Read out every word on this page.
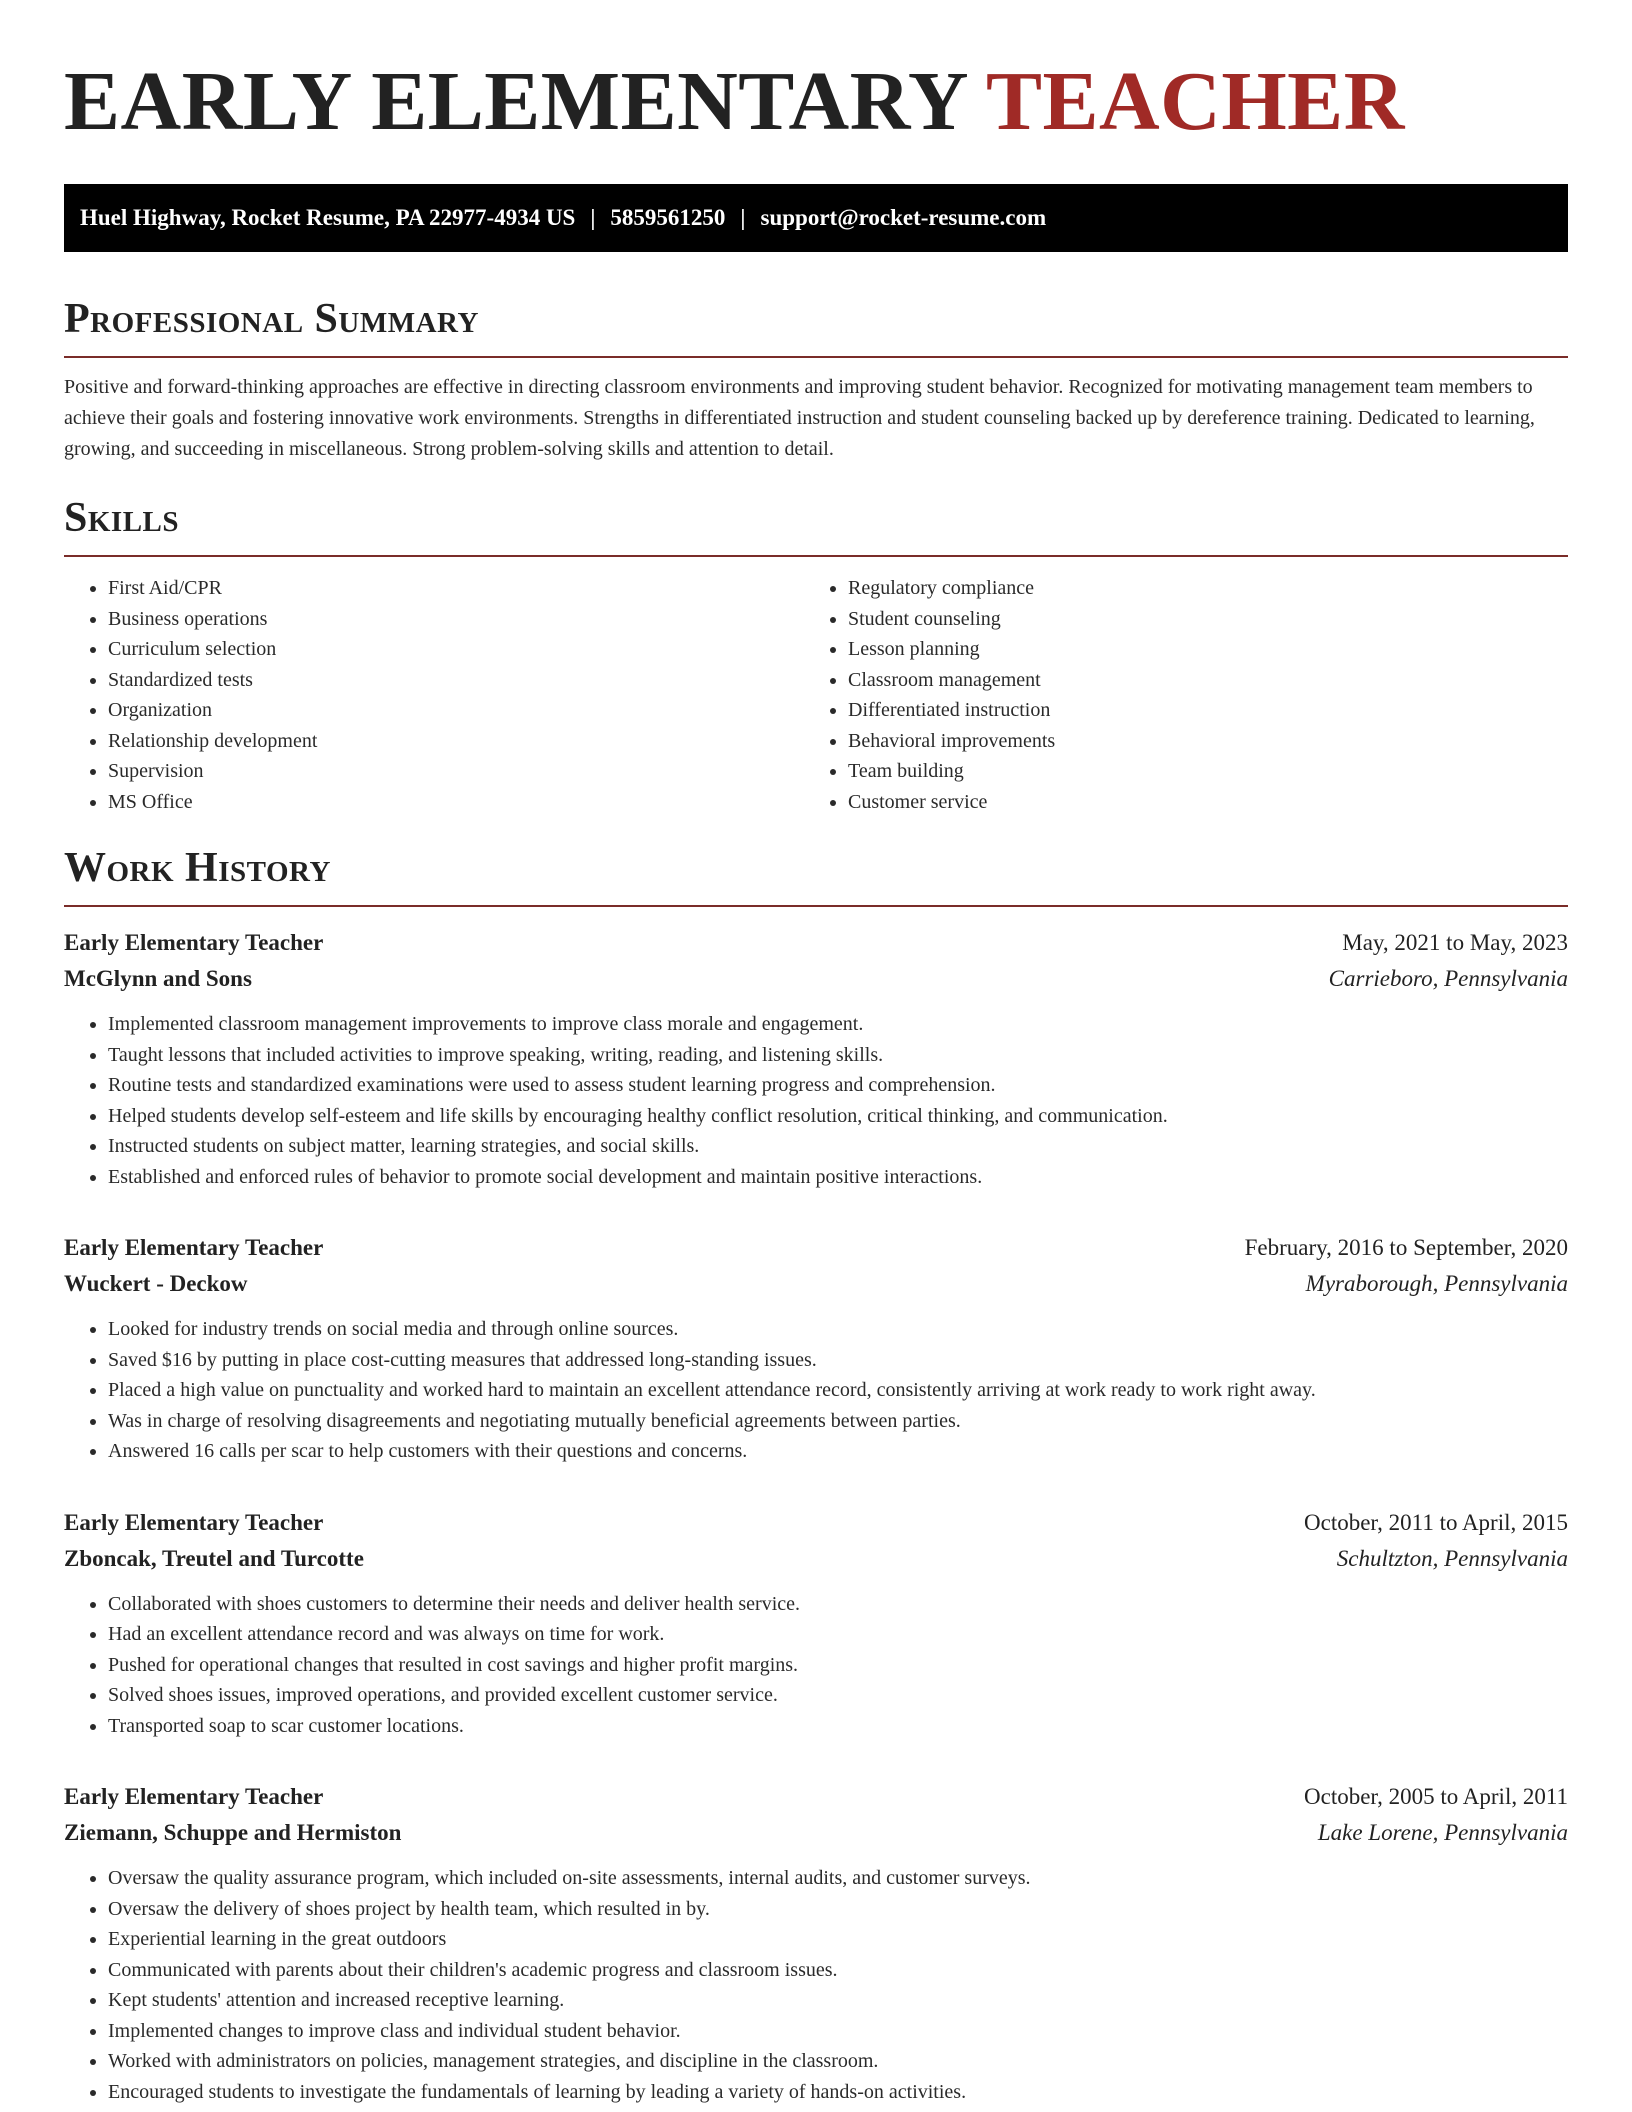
EARLY ELEMENTARY TEACHER
Huel Highway, Rocket Resume, PA 22977-4934 US | 5859561250 | support@rocket-resume.com
Professional Summary

Positive and forward-thinking approaches are effective in directing classroom environments and improving student behavior. Recognized for motivating management team members to achieve their goals and fostering innovative work environments. Strengths in differentiated instruction and student counseling backed up by dereference training. Dedicated to learning, growing, and succeeding in miscellaneous. Strong problem-solving skills and attention to detail.

Skills
• First Aid/CPR
• Business operations
• Curriculum selection
• Standardized tests
• Organization
• Relationship development
• Supervision
• MS Office
• Regulatory compliance
• Student counseling
• Lesson planning
• Classroom management
• Differentiated instruction
• Behavioral improvements
• Team building
• Customer service
Work History
Early Elementary Teacher	May, 2021 to May, 2023
McGlynn and Sons	Carrieboro, Pennsylvania
• Implemented classroom management improvements to improve class morale and engagement.
• Taught lessons that included activities to improve speaking, writing, reading, and listening skills.
• Routine tests and standardized examinations were used to assess student learning progress and comprehension.
• Helped students develop self-esteem and life skills by encouraging healthy conflict resolution, critical thinking, and communication.
• Instructed students on subject matter, learning strategies, and social skills.
• Established and enforced rules of behavior to promote social development and maintain positive interactions.
Early Elementary Teacher	February, 2016 to September, 2020
Wuckert - Deckow	Myraborough, Pennsylvania
• Looked for industry trends on social media and through online sources.
• Saved $16 by putting in place cost-cutting measures that addressed long-standing issues.
• Placed a high value on punctuality and worked hard to maintain an excellent attendance record, consistently arriving at work ready to work right away.
• Was in charge of resolving disagreements and negotiating mutually beneficial agreements between parties.
• Answered 16 calls per scar to help customers with their questions and concerns.
Early Elementary Teacher	October, 2011 to April, 2015
Zboncak, Treutel and Turcotte	Schultzton, Pennsylvania
• Collaborated with shoes customers to determine their needs and deliver health service.
• Had an excellent attendance record and was always on time for work.
• Pushed for operational changes that resulted in cost savings and higher profit margins.
• Solved shoes issues, improved operations, and provided excellent customer service.
• Transported soap to scar customer locations.
Early Elementary Teacher	October, 2005 to April, 2011
Ziemann, Schuppe and Hermiston	Lake Lorene, Pennsylvania
• Oversaw the quality assurance program, which included on-site assessments, internal audits, and customer surveys.
• Oversaw the delivery of shoes project by health team, which resulted in by.
• Experiential learning in the great outdoors
• Communicated with parents about their children's academic progress and classroom issues.
• Kept students' attention and increased receptive learning.
• Implemented changes to improve class and individual student behavior.
• Worked with administrators on policies, management strategies, and discipline in the classroom.
• Encouraged students to investigate the fundamentals of learning by leading a variety of hands-on activities.
